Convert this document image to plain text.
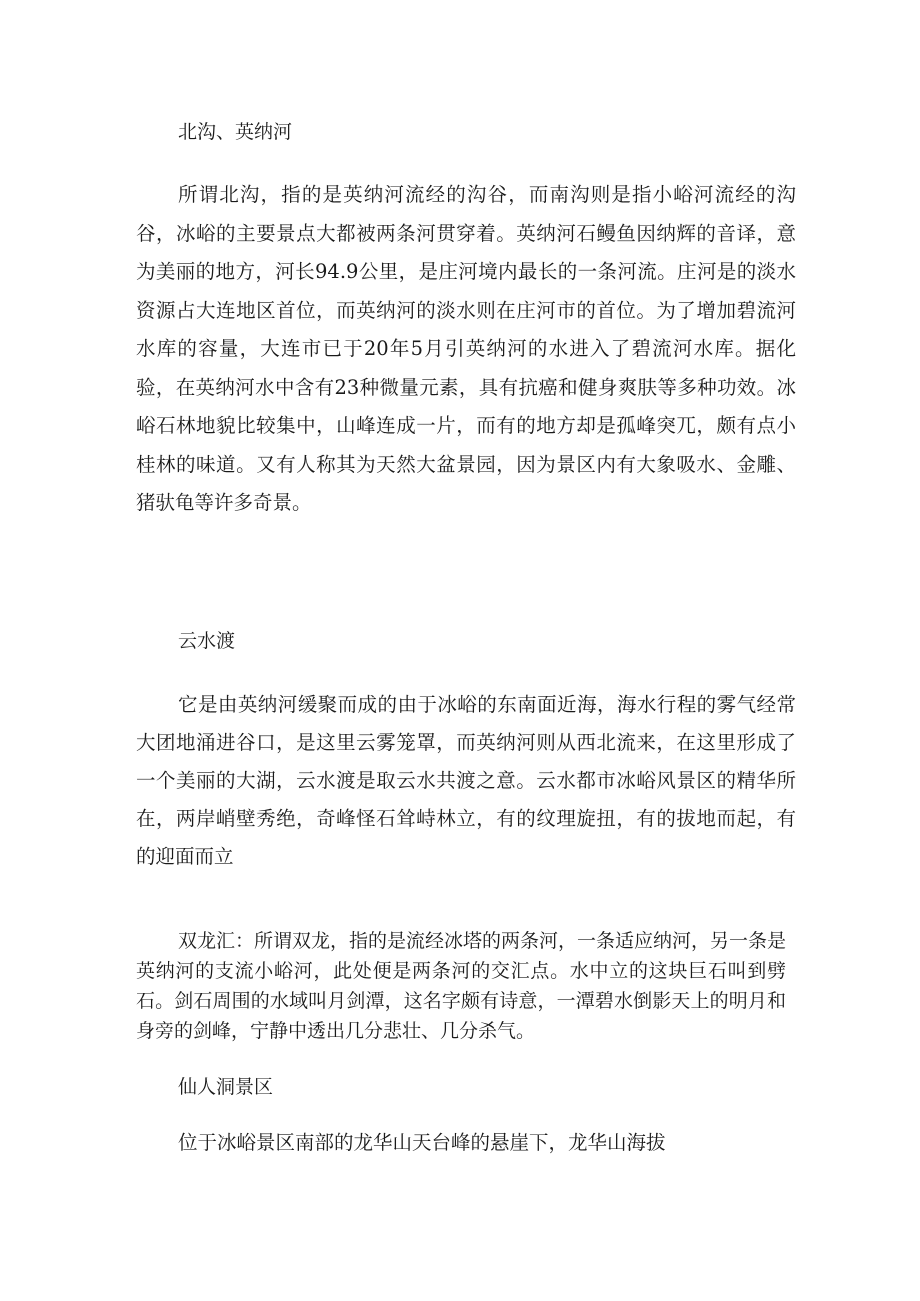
北沟、英纳河

所谓北沟，指的是英纳河流经的沟谷，而南沟则是指小峪河流经的沟谷，冰峪的主要景点大都被两条河贯穿着。英纳河石鳗鱼因纳辉的音译，意为美丽的地方，河长94.9公里，是庄河境内最长的一条河流。庄河是的淡水资源占大连地区首位，而英纳河的淡水则在庄河市的首位。为了增加碧流河水库的容量，大连市已于20年5月引英纳河的水进入了碧流河水库。据化验，在英纳河水中含有23种微量元素，具有抗癌和健身爽肤等多种功效。冰峪石林地貌比较集中，山峰连成一片，而有的地方却是孤峰突兀，颇有点小桂林的味道。又有人称其为天然大盆景园，因为景区内有大象吸水、金雕、猪驮龟等许多奇景。

云水渡

它是由英纳河缓聚而成的由于冰峪的东南面近海，海水行程的雾气经常大团地涌进谷口，是这里云雾笼罩，而英纳河则从西北流来，在这里形成了一个美丽的大湖，云水渡是取云水共渡之意。云水都市冰峪风景区的精华所在，两岸峭壁秀绝，奇峰怪石耸峙林立，有的纹理旋扭，有的拔地而起，有的迎面而立

双龙汇：所谓双龙，指的是流经冰塔的两条河，一条适应纳河，另一条是英纳河的支流小峪河，此处便是两条河的交汇点。水中立的这块巨石叫到劈石。剑石周围的水域叫月剑潭，这名字颇有诗意，一潭碧水倒影天上的明月和身旁的剑峰，宁静中透出几分悲壮、几分杀气。

仙人洞景区

位于冰峪景区南部的龙华山天台峰的悬崖下，龙华山海拔
